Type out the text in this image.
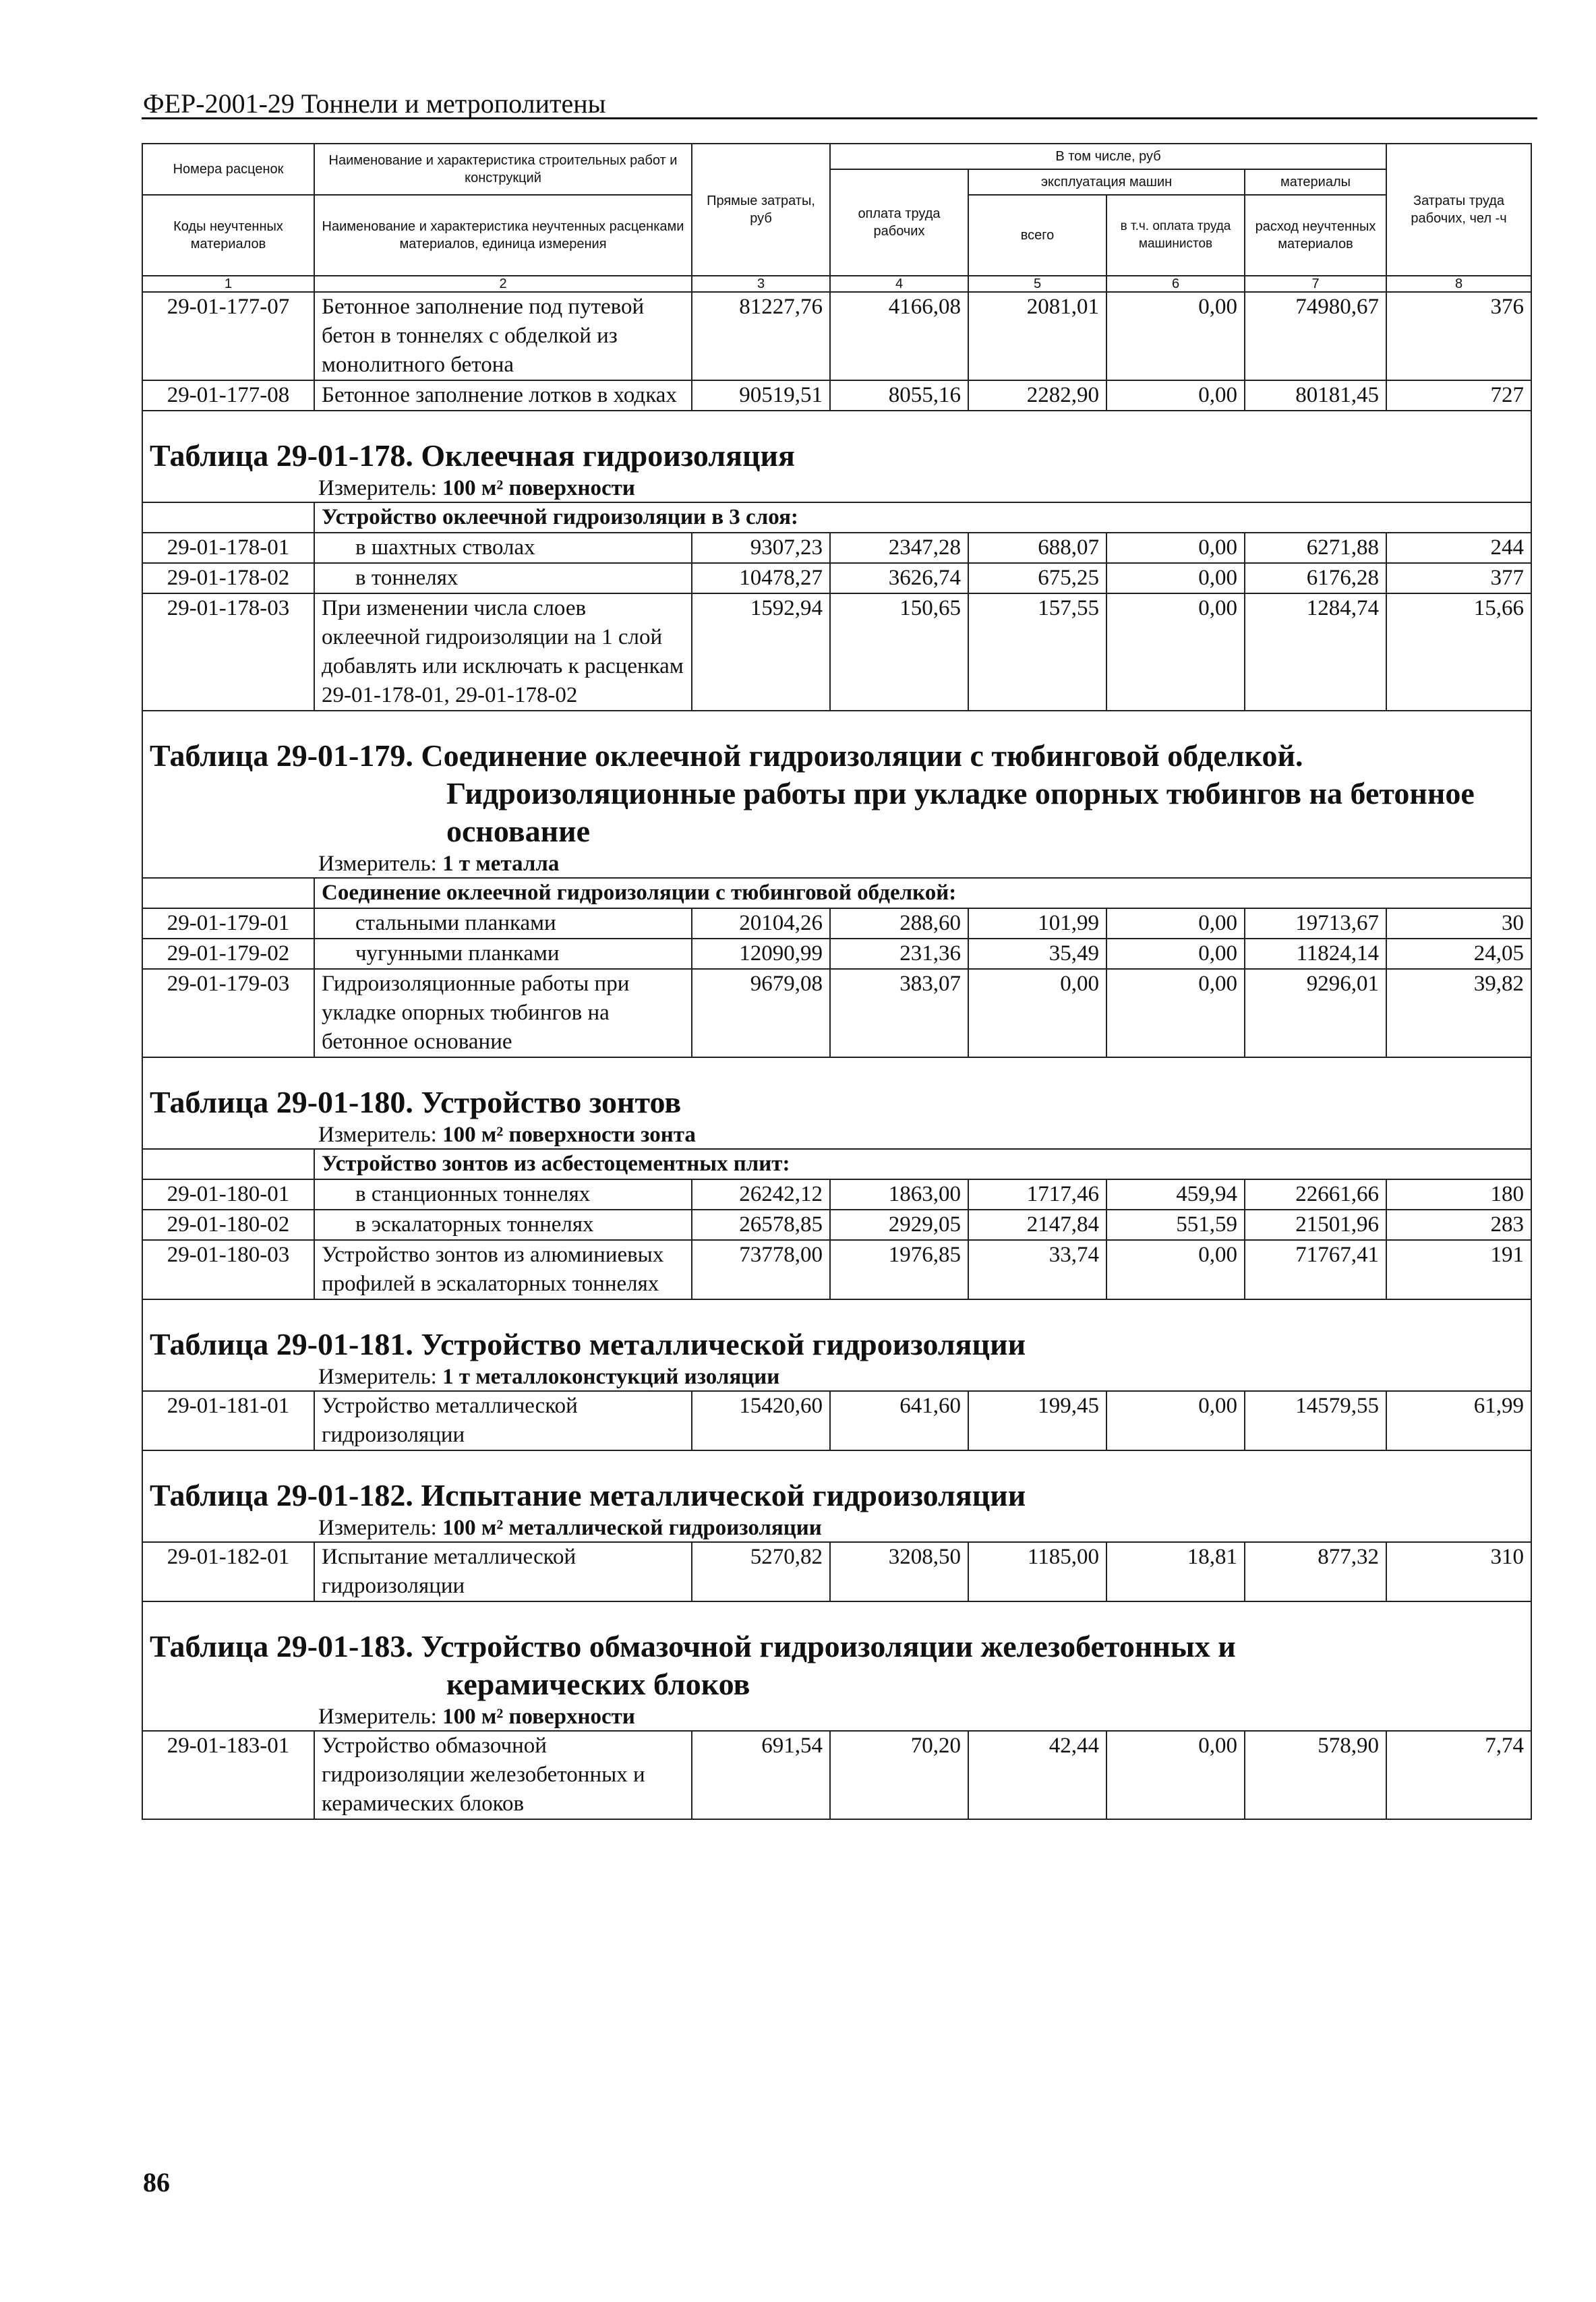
ФЕР-2001-29 Тоннели и метрополитены
Номера расценок	Наименование и характеристика строительных работ и конструкций	Прямые затраты, руб	В том числе, руб				Затраты труда рабочих, чел -ч
			оплата труда рабочих	эксплуатация машин		материалы	
Коды неучтенных материалов	Наименование и характеристика неучтенных расценками материалов, единица измерения			всего	в т.ч. оплата труда машинистов	расход неучтенных материалов	

1	2	3	4	5	6	7	8
29-01-177-07	Бетонное заполнение под путевой бетон в тоннелях с обделкой из монолитного бетона	81227,76	4166,08	2081,01	0,00	74980,67	376
29-01-177-08	Бетонное заполнение лотков в ходках	90519,51	8055,16	2282,90	0,00	80181,45	727

Таблица 29-01-178. Оклеечная гидроизоляция
Измеритель: 100 м² поверхности							

	Устройство оклеечной гидроизоляции в 3 слоя:						
29-01-178-01	в шахтных стволах	9307,23	2347,28	688,07	0,00	6271,88	244
29-01-178-02	в тоннелях	10478,27	3626,74	675,25	0,00	6176,28	377
29-01-178-03	При изменении числа слоев оклеечной гидроизоляции на 1 слой добавлять или исключать к расценкам 29-01-178-01, 29-01-178-02	1592,94	150,65	157,55	0,00	1284,74	15,66

Таблица 29-01-179. Соединение оклеечной гидроизоляции с тюбинговой обделкой.
Гидроизоляционные работы при укладке опорных тюбингов на бетонное основание
Измеритель: 1 т металла							

	Соединение оклеечной гидроизоляции с тюбинговой обделкой:						
29-01-179-01	стальными планками	20104,26	288,60	101,99	0,00	19713,67	30
29-01-179-02	чугунными планками	12090,99	231,36	35,49	0,00	11824,14	24,05
29-01-179-03	Гидроизоляционные работы при укладке опорных тюбингов на бетонное основание	9679,08	383,07	0,00	0,00	9296,01	39,82

Таблица 29-01-180. Устройство зонтов
Измеритель: 100 м² поверхности зонта							

	Устройство зонтов из асбестоцементных плит:						
29-01-180-01	в станционных тоннелях	26242,12	1863,00	1717,46	459,94	22661,66	180
29-01-180-02	в эскалаторных тоннелях	26578,85	2929,05	2147,84	551,59	21501,96	283
29-01-180-03	Устройство зонтов из алюминиевых профилей в эскалаторных тоннелях	73778,00	1976,85	33,74	0,00	71767,41	191

Таблица 29-01-181. Устройство металлической гидроизоляции
Измеритель: 1 т металлоконстукций изоляции							

29-01-181-01	Устройство металлической гидроизоляции	15420,60	641,60	199,45	0,00	14579,55	61,99

Таблица 29-01-182. Испытание металлической гидроизоляции
Измеритель: 100 м² металлической гидроизоляции							

29-01-182-01	Испытание металлической гидроизоляции	5270,82	3208,50	1185,00	18,81	877,32	310

Таблица 29-01-183. Устройство обмазочной гидроизоляции железобетонных и
керамических блоков
Измеритель: 100 м² поверхности							

29-01-183-01	Устройство обмазочной гидроизоляции железобетонных и керамических блоков	691,54	70,20	42,44	0,00	578,90	7,74
86
